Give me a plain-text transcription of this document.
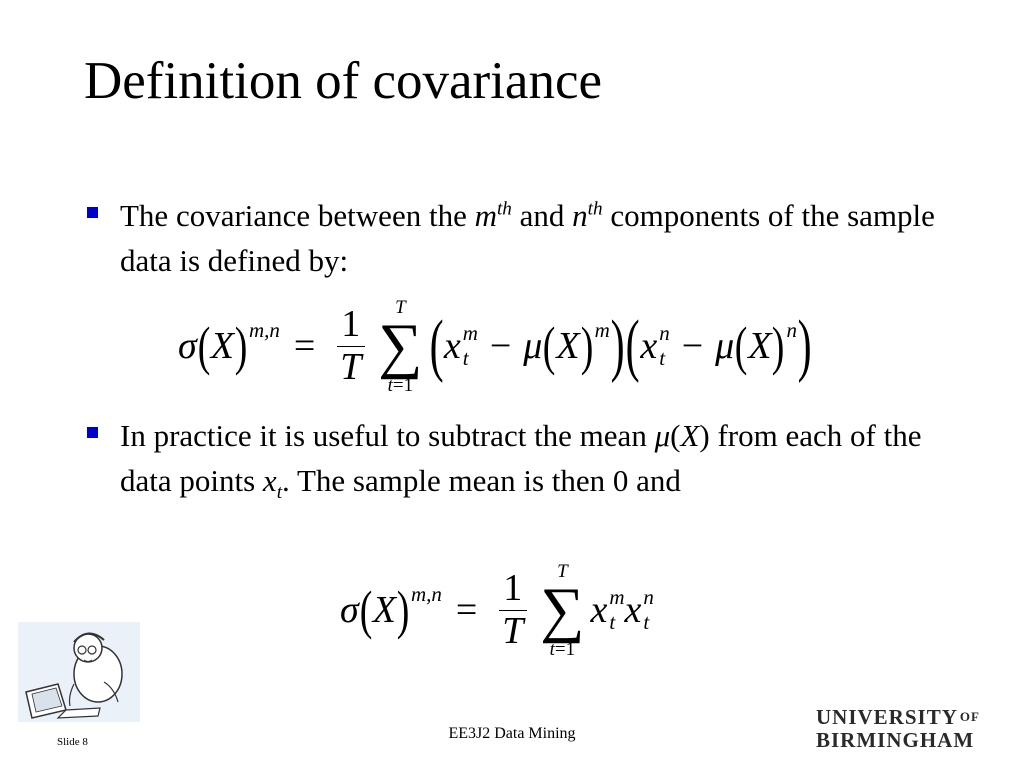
Definition of covariance
The covariance between the $m^{th}$ and $n^{th}$ components of the sample data is defined by:
σ ( X ) $m,n = \frac{1}{T}$ T
∑
t=1
( x m
t − μ ( X ) m ) ( x n
t − μ ( X ) n )
In practice it is useful to subtract the mean μ(X) from each of the data points $x_t$. The sample mean is then 0 and
σ ( X ) $m,n = \frac{1}{T}$ T
∑
t=1
x m
t x n
t
EE3J2 Data Mining
Slide 8
UNIVERSITY $^{OF}$
BIRMINGHAM
